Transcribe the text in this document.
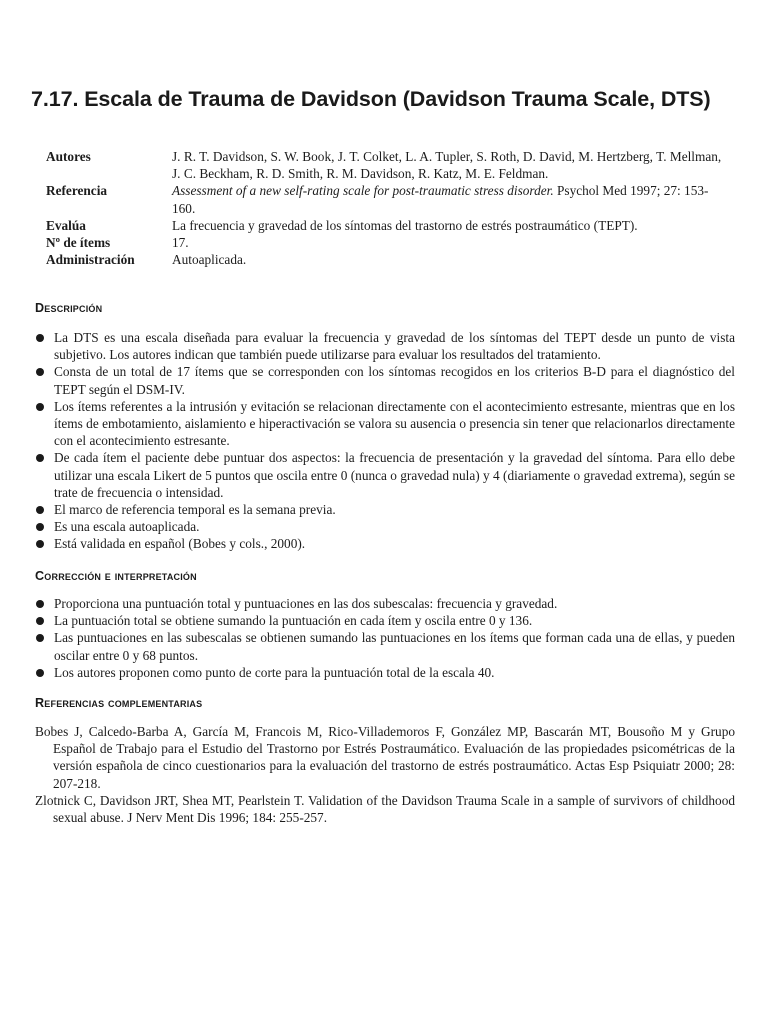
7.17. Escala de Trauma de Davidson (Davidson Trauma Scale, DTS)
Autores	J. R. T. Davidson, S. W. Book, J. T. Colket, L. A. Tupler, S. Roth, D. David, M. Hertzberg, T. Mellman, J. C. Beckham, R. D. Smith, R. M. Davidson, R. Katz, M. E. Feldman.
Referencia	Assessment of a new self-rating scale for post-traumatic stress disorder. Psychol Med 1997; 27: 153-160.
Evalúa	La frecuencia y gravedad de los síntomas del trastorno de estrés postraumático (TEPT).
Nº de ítems	17.
Administración	Autoaplicada.
Descripción
La DTS es una escala diseñada para evaluar la frecuencia y gravedad de los síntomas del TEPT desde un punto de vista subjetivo. Los autores indican que también puede utilizarse para evaluar los resultados del tratamiento.
Consta de un total de 17 ítems que se corresponden con los síntomas recogidos en los criterios B-D para el diagnóstico del TEPT según el DSM-IV.
Los ítems referentes a la intrusión y evitación se relacionan directamente con el acontecimiento estresante, mientras que en los ítems de embotamiento, aislamiento e hiperactivación se valora su ausencia o presencia sin tener que relacionarlos directamente con el acontecimiento estresante.
De cada ítem el paciente debe puntuar dos aspectos: la frecuencia de presentación y la gravedad del síntoma. Para ello debe utilizar una escala Likert de 5 puntos que oscila entre 0 (nunca o gravedad nula) y 4 (diariamente o gravedad extrema), según se trate de frecuencia o intensidad.
El marco de referencia temporal es la semana previa.
Es una escala autoaplicada.
Está validada en español (Bobes y cols., 2000).
Corrección e interpretación
Proporciona una puntuación total y puntuaciones en las dos subescalas: frecuencia y gravedad.
La puntuación total se obtiene sumando la puntuación en cada ítem y oscila entre 0 y 136.
Las puntuaciones en las subescalas se obtienen sumando las puntuaciones en los ítems que forman cada una de ellas, y pueden oscilar entre 0 y 68 puntos.
Los autores proponen como punto de corte para la puntuación total de la escala 40.
Referencias complementarias
Bobes J, Calcedo-Barba A, García M, Francois M, Rico-Villademoros F, González MP, Bascarán MT, Bousoño M y Grupo Español de Trabajo para el Estudio del Trastorno por Estrés Postraumático. Evaluación de las propiedades psicométricas de la versión española de cinco cuestionarios para la evaluación del trastorno de estrés postraumático. Actas Esp Psiquiatr 2000; 28: 207-218.
Zlotnick C, Davidson JRT, Shea MT, Pearlstein T. Validation of the Davidson Trauma Scale in a sample of survivors of childhood sexual abuse. J Nerv Ment Dis 1996; 184: 255-257.
